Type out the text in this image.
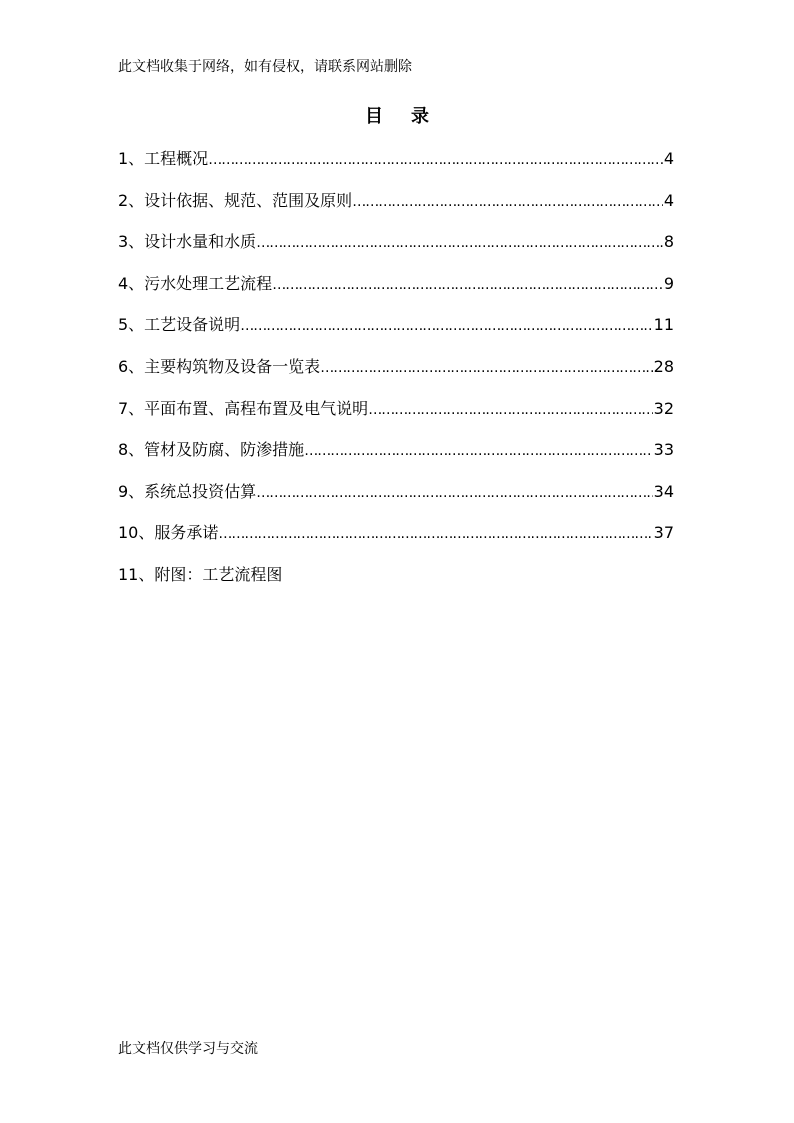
此文档收集于网络，如有侵权，请联系网站删除
目录
1、工程概况 ……………………………………………………………………………………………………………………………………………………………………………………………………………	4
2、设计依据、规范、范围及原则 ……………………………………………………………………………………………………………………………………………………………………………………………………………	4
3、设计水量和水质 ……………………………………………………………………………………………………………………………………………………………………………………………………………	8
4、污水处理工艺流程 ……………………………………………………………………………………………………………………………………………………………………………………………………………	9
5、工艺设备说明 ……………………………………………………………………………………………………………………………………………………………………………………………………………	11
6、主要构筑物及设备一览表 ……………………………………………………………………………………………………………………………………………………………………………………………………………	28
7、平面布置、高程布置及电气说明 ……………………………………………………………………………………………………………………………………………………………………………………………………………	32
8、管材及防腐、防渗措施 ……………………………………………………………………………………………………………………………………………………………………………………………………………	33
9、系统总投资估算 ……………………………………………………………………………………………………………………………………………………………………………………………………………	34
10、服务承诺 ……………………………………………………………………………………………………………………………………………………………………………………………………………	37
11、附图：工艺流程图
此文档仅供学习与交流
